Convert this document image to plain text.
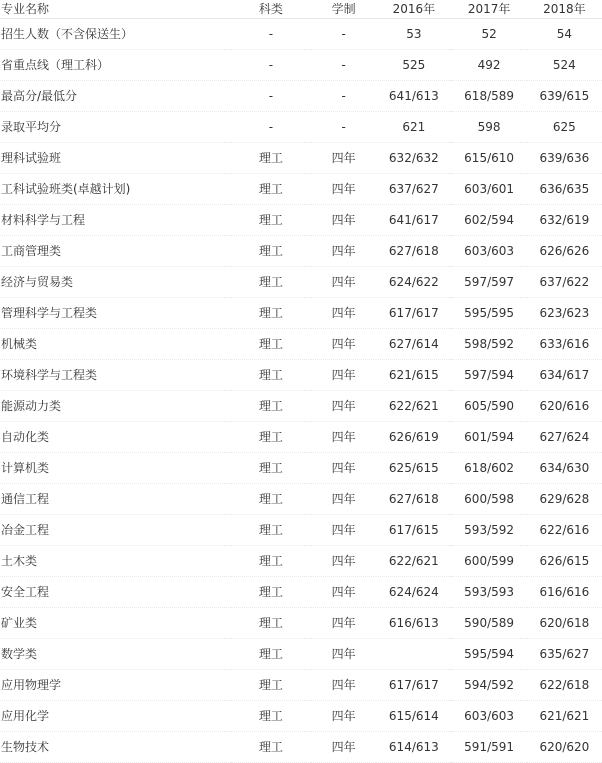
专业名称	科类	学制	2016年	2017年	2018年
招生人数（不含保送生）	-	-	53	52	54
省重点线（理工科）	-	-	525	492	524
最高分/最低分	-	-	641/613	618/589	639/615
录取平均分	-	-	621	598	625
理科试验班	理工	四年	632/632	615/610	639/636
工科试验班类(卓越计划)	理工	四年	637/627	603/601	636/635
材料科学与工程	理工	四年	641/617	602/594	632/619
工商管理类	理工	四年	627/618	603/603	626/626
经济与贸易类	理工	四年	624/622	597/597	637/622
管理科学与工程类	理工	四年	617/617	595/595	623/623
机械类	理工	四年	627/614	598/592	633/616
环境科学与工程类	理工	四年	621/615	597/594	634/617
能源动力类	理工	四年	622/621	605/590	620/616
自动化类	理工	四年	626/619	601/594	627/624
计算机类	理工	四年	625/615	618/602	634/630
通信工程	理工	四年	627/618	600/598	629/628
冶金工程	理工	四年	617/615	593/592	622/616
土木类	理工	四年	622/621	600/599	626/615
安全工程	理工	四年	624/624	593/593	616/616
矿业类	理工	四年	616/613	590/589	620/618
数学类	理工	四年		595/594	635/627
应用物理学	理工	四年	617/617	594/592	622/618
应用化学	理工	四年	615/614	603/603	621/621
生物技术	理工	四年	614/613	591/591	620/620
